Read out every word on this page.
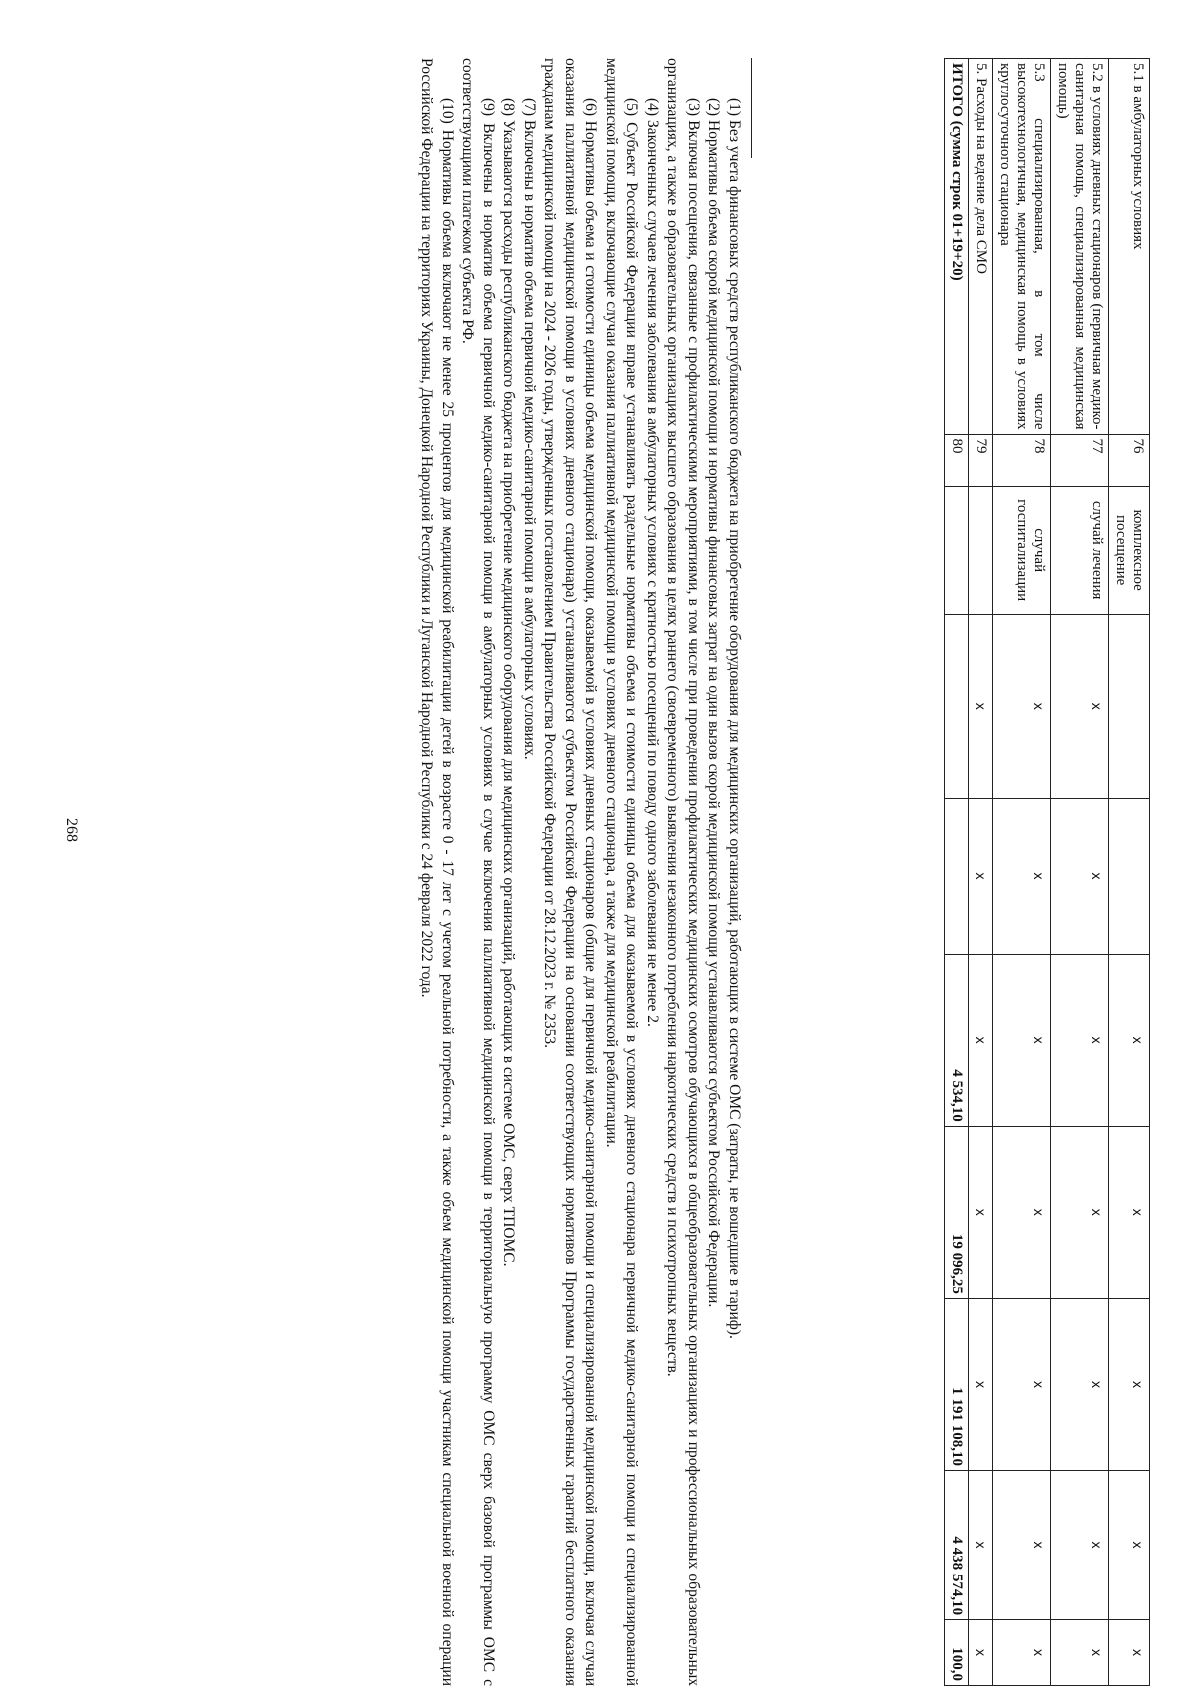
5.1 в амбулаторных условиях	76	комплексное посещение			x	x	x	x	x
5.2 в условиях дневных стационаров (первичная медико-санитарная помощь, специализированная медицинская помощь)	77	случай лечения	x	x	x	x	x	x	x
5.3 специализированная, в том числе высокотехнологичная, медицинская помощь в условиях круглосуточного стационара	78	случай госпитализации	x	x	x	x	x	x	x
5. Расходы на ведение дела СМО	79		x	x	x	x	x	x	x
ИТОГО (сумма строк 01+19+20)	80				4 534,10	19 096,25	1 191 108,10	4 438 574,10	100,0

(1) Без учета финансовых средств республиканского бюджета на приобретение оборудования для медицинских организаций, работающих в системе ОМС (затраты, не вошедшие в тариф).

(2) Нормативы объема скорой медицинской помощи и нормативы финансовых затрат на один вызов скорой медицинской помощи устанавливаются субъектом Российской Федерации.

(3) Включая посещения, связанные с профилактическими мероприятиями, в том числе при проведении профилактических медицинских осмотров обучающихся в общеобразовательных организациях и профессиональных образовательных организациях, а также в образовательных организациях высшего образования в целях раннего (своевременного) выявления незаконного потребления наркотических средств и психотропных веществ.

(4) Законченных случаев лечения заболевания в амбулаторных условиях с кратностью посещений по поводу одного заболевания не менее 2.

(5) Субъект Российской Федерации вправе устанавливать раздельные нормативы объема и стоимости единицы объема для оказываемой в условиях дневного стационара первичной медико-санитарной помощи и специализированной медицинской помощи, включающие случаи оказания паллиативной медицинской помощи в условиях дневного стационара, а также для медицинской реабилитации.

(6) Нормативы объема и стоимости единицы объема медицинской помощи, оказываемой в условиях дневных стационаров (общие для первичной медико-санитарной помощи и специализированной медицинской помощи, включая случаи оказания паллиативной медицинской помощи в условиях дневного стационара) устанавливаются субъектом Российской Федерации на основании соответствующих нормативов Программы государственных гарантий бесплатного оказания гражданам медицинской помощи на 2024 - 2026 годы, утвержденных постановлением Правительства Российской Федерации от 28.12.2023 г. № 2353.

(7) Включены в норматив объема первичной медико-санитарной помощи в амбулаторных условиях.

(8) Указываются расходы республиканского бюджета на приобретение медицинского оборудования для медицинских организаций, работающих в системе ОМС, сверх ТПОМС.

(9) Включены в норматив объема первичной медико-санитарной помощи в амбулаторных условиях в случае включения паллиативной медицинской помощи в территориальную программу ОМС сверх базовой программы ОМС с соответствующими платежом субъекта РФ.

(10) Нормативы объема включают не менее 25 процентов для медицинской реабилитации детей в возрасте 0 - 17 лет с учетом реальной потребности, а также объем медицинской помощи участникам специальной военной операции Российской Федерации на территориях Украины, Донецкой Народной Республики и Луганской Народной Республики с 24 февраля 2022 года.

268
